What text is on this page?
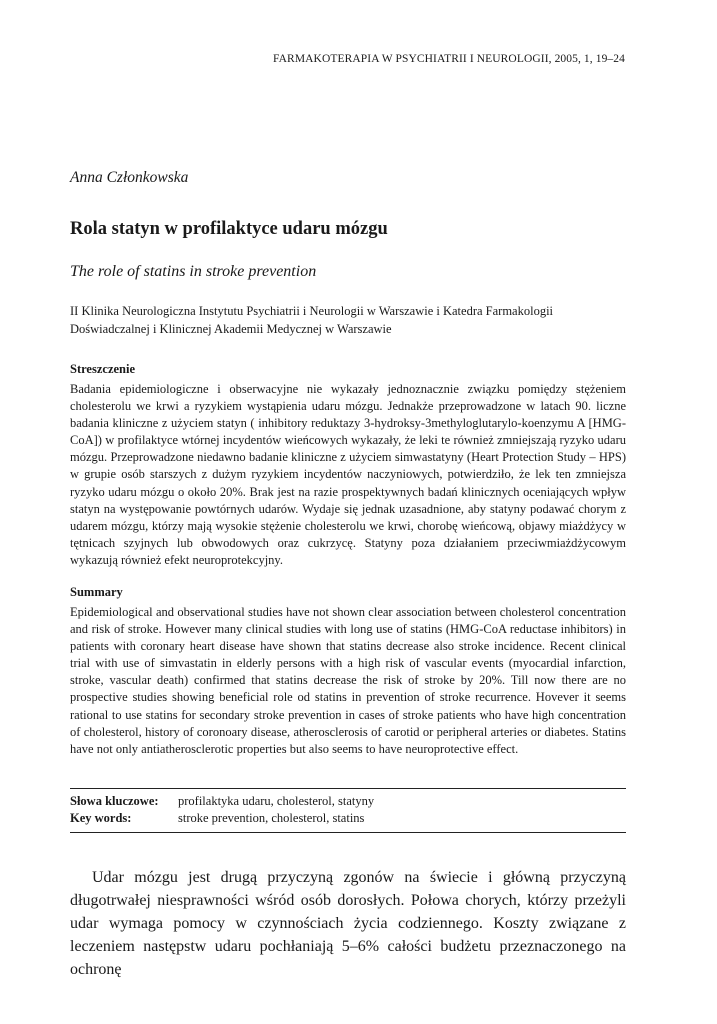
FARMAKOTERAPIA W PSYCHIATRII I NEUROLOGII, 2005, 1, 19–24
Anna Członkowska
Rola statyn w profilaktyce udaru mózgu
The role of statins in stroke prevention
II Klinika Neurologiczna Instytutu Psychiatrii i Neurologii w Warszawie i Katedra Farmakologii Doświadczalnej i Klinicznej Akademii Medycznej w Warszawie
Streszczenie

Badania epidemiologiczne i obserwacyjne nie wykazały jednoznacznie związku pomiędzy stężeniem cholesterolu we krwi a ryzykiem wystąpienia udaru mózgu. Jednakże przeprowadzone w latach 90. liczne badania kliniczne z użyciem statyn ( inhibitory reduktazy 3-hydroksy-3methyloglutarylo-koenzymu A [HMG-CoA]) w profilaktyce wtórnej incydentów wieńcowych wykazały, że leki te również zmniejszają ryzyko udaru mózgu. Przeprowadzone niedawno badanie kliniczne z użyciem simwastatyny (Heart Protection Study – HPS) w grupie osób starszych z dużym ryzykiem incydentów naczyniowych, potwierdziło, że lek ten zmniejsza ryzyko udaru mózgu o około 20%. Brak jest na razie prospektywnych badań klinicznych oceniających wpływ statyn na występowanie powtórnych udarów. Wydaje się jednak uzasadnione, aby statyny podawać chorym z udarem mózgu, którzy mają wysokie stężenie cholesterolu we krwi, chorobę wieńcową, objawy miażdżycy w tętnicach szyjnych lub obwodowych oraz cukrzycę. Statyny poza działaniem przeciwmiażdżycowym wykazują również efekt neuroprotekcyjny.

Summary

Epidemiological and observational studies have not shown clear association between cholesterol concentration and risk of stroke. However many clinical studies with long use of statins (HMG-CoA reductase inhibitors) in patients with coronary heart disease have shown that statins decrease also stroke incidence. Recent clinical trial with use of simvastatin in elderly persons with a high risk of vascular events (myocardial infarction, stroke, vascular death) confirmed that statins decrease the risk of stroke by 20%. Till now there are no prospective studies showing beneficial role od statins in prevention of stroke recurrence. Hovever it seems rational to use statins for secondary stroke prevention in cases of stroke patients who have high concentration of cholesterol, history of coronoary disease, atherosclerosis of carotid or peripheral arteries or diabetes. Statins have not only antiatherosclerotic properties but also seems to have neuroprotective effect.

Słowa kluczowe:	profilaktyka udaru, cholesterol, statyny
Key words:	stroke prevention, cholesterol, statins

Udar mózgu jest drugą przyczyną zgonów na świecie i główną przyczyną długotrwałej niesprawności wśród osób dorosłych. Połowa chorych, którzy przeżyli udar wymaga pomocy w czynnościach życia codziennego. Koszty związane z leczeniem następstw udaru pochłaniają 5–6% całości budżetu przeznaczonego na ochronę
